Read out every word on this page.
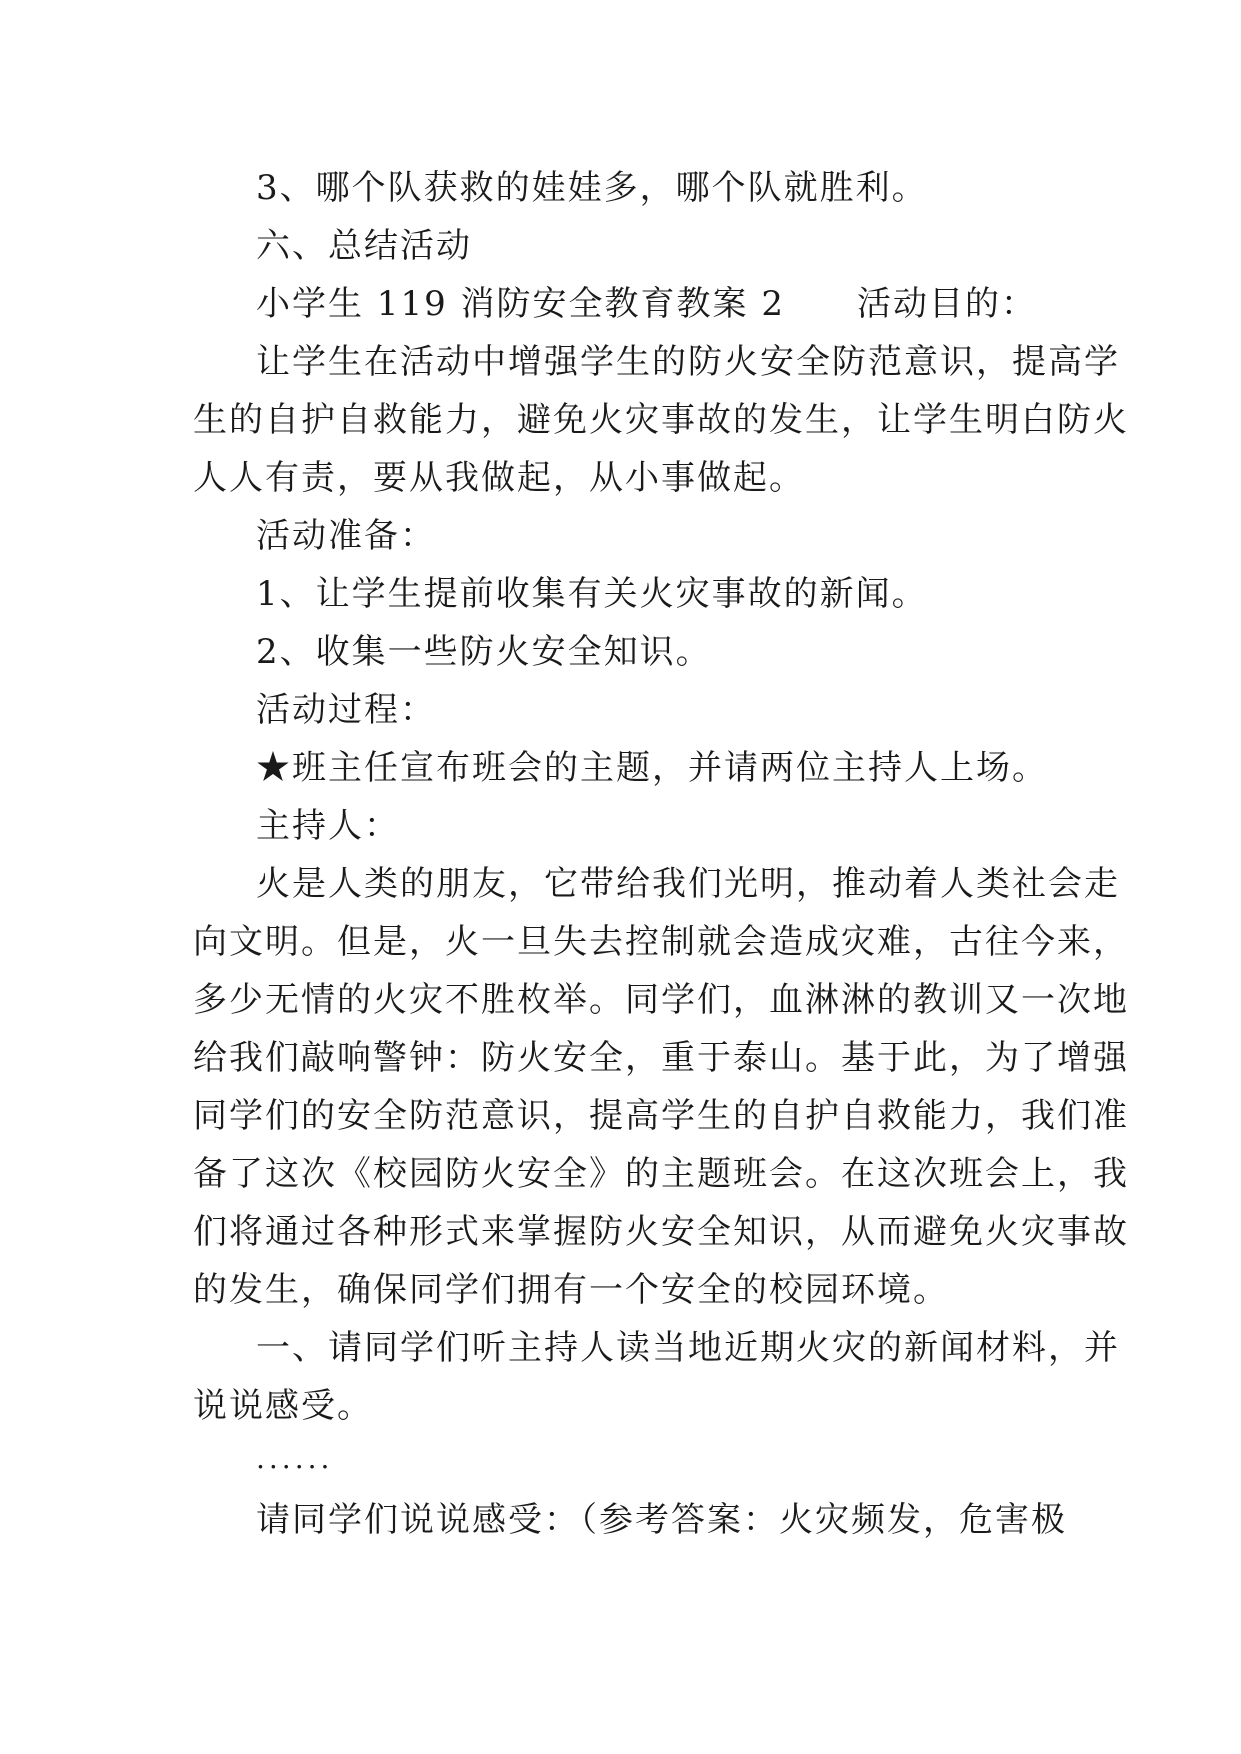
3、哪个队获救的娃娃多，哪个队就胜利。
六、总结活动
小学生 119 消防安全教育教案 2　　活动目的：
让学生在活动中增强学生的防火安全防范意识，提高学
生的自护自救能力，避免火灾事故的发生，让学生明白防火
人人有责，要从我做起，从小事做起。
活动准备：
1、让学生提前收集有关火灾事故的新闻。
2、收集一些防火安全知识。
活动过程：
★班主任宣布班会的主题，并请两位主持人上场。
主持人：
火是人类的朋友，它带给我们光明，推动着人类社会走
向文明。但是，火一旦失去控制就会造成灾难，古往今来，
多少无情的火灾不胜枚举。同学们，血淋淋的教训又一次地
给我们敲响警钟：防火安全，重于泰山。基于此，为了增强
同学们的安全防范意识，提高学生的自护自救能力，我们准
备了这次《校园防火安全》的主题班会。在这次班会上，我
们将通过各种形式来掌握防火安全知识，从而避免火灾事故
的发生，确保同学们拥有一个安全的校园环境。
一、请同学们听主持人读当地近期火灾的新闻材料，并
说说感受。
......
请同学们说说感受：（参考答案：火灾频发，危害极
